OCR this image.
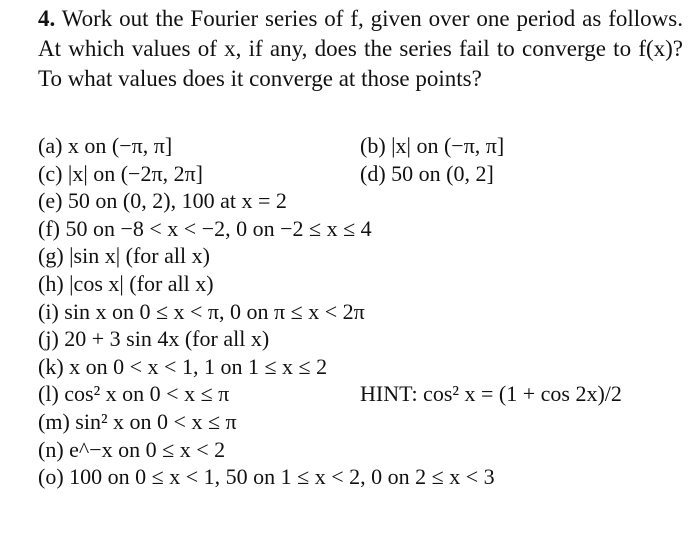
4. Work out the Fourier series of f, given over one period as follows. At which values of x, if any, does the series fail to converge to f(x)? To what values does it converge at those points?
(a) x on (−π, π]	(b) |x| on (−π, π]
(c) |x| on (−2π, 2π]	(d) 50 on (0, 2]
(e) 50 on (0, 2), 100 at x = 2
(f) 50 on −8 < x < −2, 0 on −2 ≤ x ≤ 4
(g) |sin x| (for all x)
(h) |cos x| (for all x)
(i) sin x on 0 ≤ x < π, 0 on π ≤ x < 2π
(j) 20 + 3 sin 4x (for all x)
(k) x on 0 < x < 1, 1 on 1 ≤ x ≤ 2
(l) cos² x on 0 < x ≤ π	HINT: cos² x = (1 + cos 2x)/2
(m) sin² x on 0 < x ≤ π
(n) e^−x on 0 ≤ x < 2
(o) 100 on 0 ≤ x < 1, 50 on 1 ≤ x < 2, 0 on 2 ≤ x < 3
